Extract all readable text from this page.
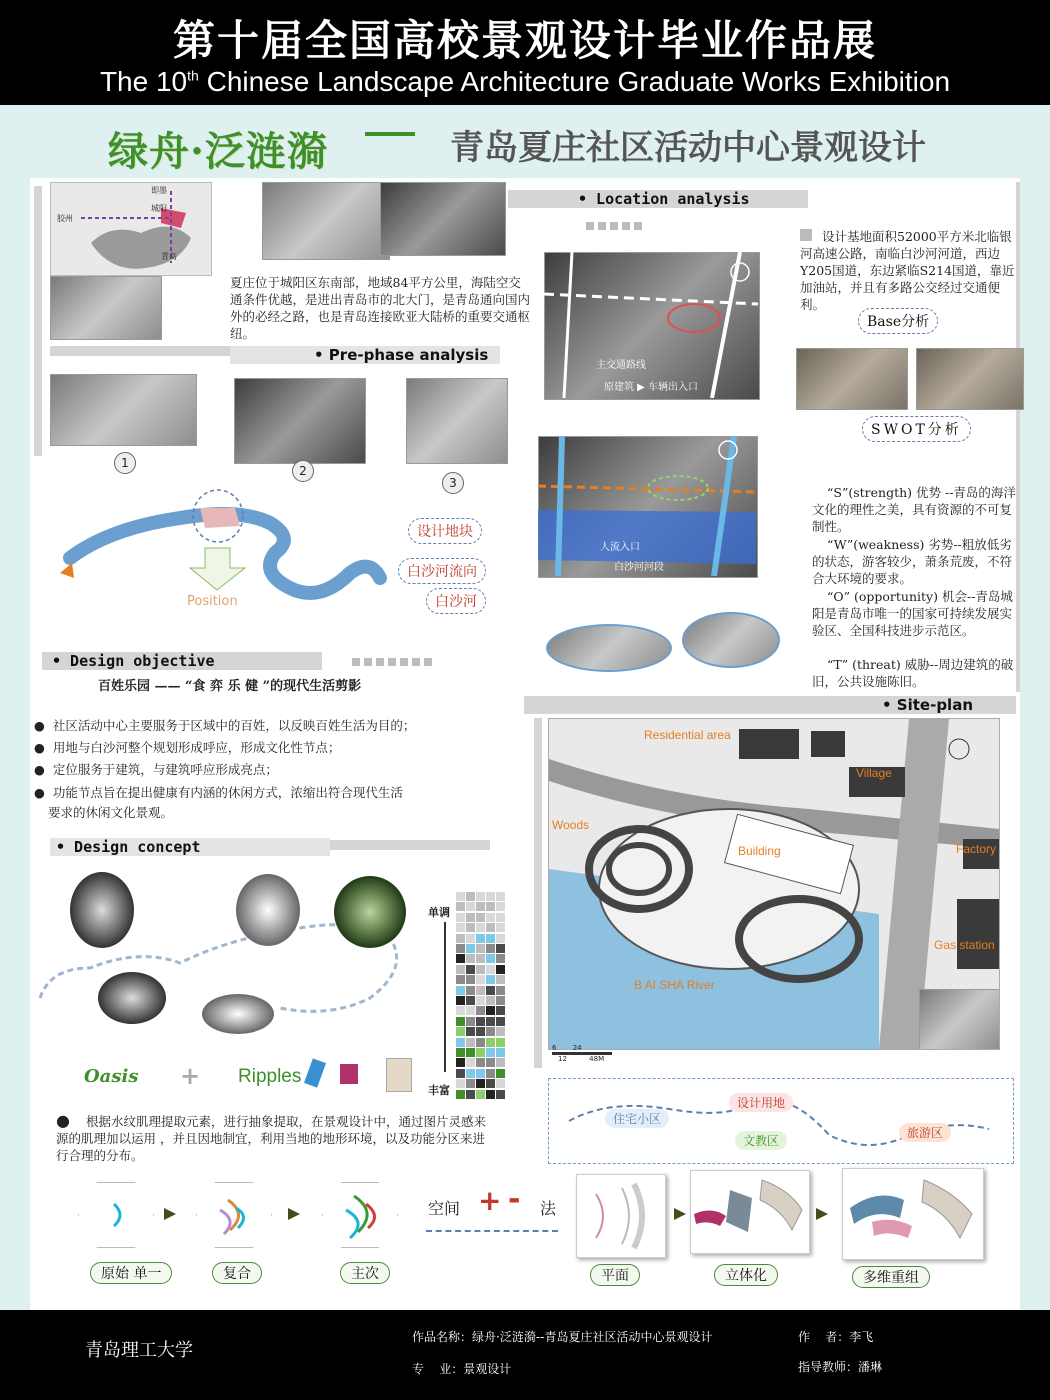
第十届全国高校景观设计毕业作品展
The 10th Chinese Landscape Architecture Graduate Works Exhibition
绿舟·泛涟漪	青岛夏庄社区活动中心景观设计
即墨
城阳
胶州
青岛
夏庄位于城阳区东南部，地域84平方公里，海陆空交通条件优越，是进出青岛市的北大门，是青岛通向国内外的必经之路，也是青岛连接欧亚大陆桥的重要交通枢纽。
• Pre-phase analysis
1
2
3
Position
设计地块
白沙河流向
白沙河
• Design objective
百姓乐园 —— “食 弈 乐 健 ”的现代生活剪影
● 社区活动中心主要服务于区域中的百姓，以反映百姓生活为目的；
● 用地与白沙河整个规划形成呼应，形成文化性节点；
● 定位服务于建筑，与建筑呼应形成亮点；
● 功能节点旨在提出健康有内涵的休闲方式，浓缩出符合现代生活
要求的休闲文化景观。
• Design concept
Oasis + Ripples
单调
丰富
● 根据水纹肌理提取元素，进行抽象提取，在景观设计中，通过图片灵感来源的肌理加以运用 ，并且因地制宜，利用当地的地形环境，以及功能分区来进行合理的分布。
原始 单一	复合	主次
空间 + - 法
平面	立体化	多维重组
• Location analysis
主交通路线
原建筑 ▶ 车辆出入口
人流入口
白沙河河段
设计基地面积52000平方米北临银河高速公路，南临白沙河河道，西边Y205国道，东边紧临S214国道，靠近加油站，并且有多路公交经过交通便利。
Base分析
SWOT分析
“S”(strength) 优势 --青岛的海洋文化的理性之美，具有资源的不可复制性。
“W”(weakness) 劣势--粗放低劣的状态，游客较少，萧条荒废，不符合大环境的要求。
“O” (opportunity) 机会--青岛城阳是青岛市唯一的国家可持续发展实验区、全国科技进步示范区。
“T” (threat) 威胁--周边建筑的破旧，公共设施陈旧。
• Site-plan
Residential area
Village
Woods
Building	Factory
Gas station
B AI SHA River
6 24
12	48M
住宅小区
设计用地
文教区
旅游区
青岛理工大学
作品名称：绿舟·泛涟漪--青岛夏庄社区活动中心景观设计
专    业：景观设计
作    者：李飞
指导教师：潘琳
